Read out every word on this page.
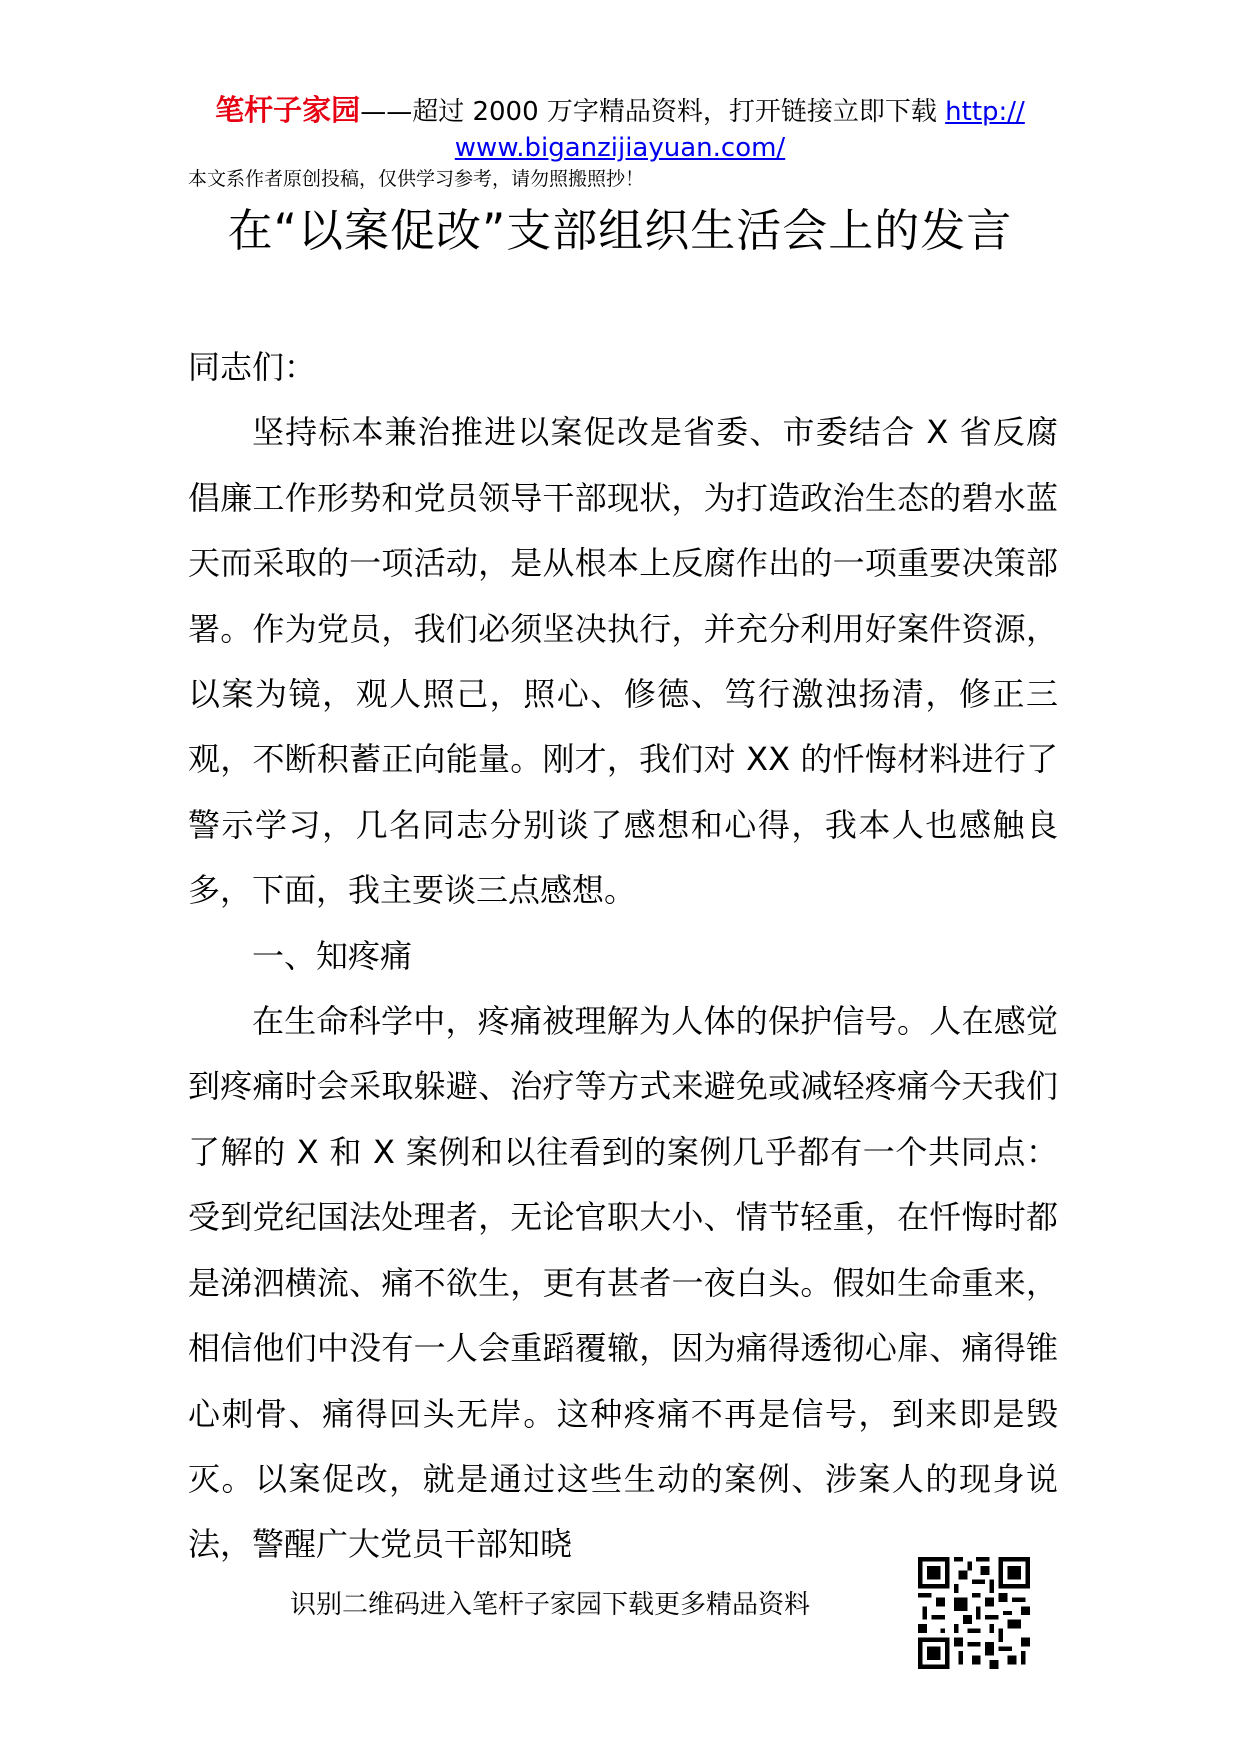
笔杆子家园——超过 2000 万字精品资料，打开链接立即下载 http://
www.biganzijiayuan.com/
本文系作者原创投稿，仅供学习参考，请勿照搬照抄！
在“以案促改”支部组织生活会上的发言

同志们：

坚持标本兼治推进以案促改是省委、市委结合 X 省反腐倡廉工作形势和党员领导干部现状，为打造政治生态的碧水蓝天而采取的一项活动，是从根本上反腐作出的一项重要决策部署。作为党员，我们必须坚决执行，并充分利用好案件资源，以案为镜，观人照己，照心、修德、笃行激浊扬清，修正三观，不断积蓄正向能量。刚才，我们对 XX 的忏悔材料进行了警示学习，几名同志分别谈了感想和心得，我本人也感触良多，下面，我主要谈三点感想。

一、知疼痛

在生命科学中，疼痛被理解为人体的保护信号。人在感觉到疼痛时会采取躲避、治疗等方式来避免或减轻疼痛今天我们了解的 X 和 X 案例和以往看到的案例几乎都有一个共同点：受到党纪国法处理者，无论官职大小、情节轻重，在忏悔时都是涕泗横流、痛不欲生，更有甚者一夜白头。假如生命重来，相信他们中没有一人会重蹈覆辙，因为痛得透彻心扉、痛得锥心刺骨、痛得回头无岸。这种疼痛不再是信号，到来即是毁灭。以案促改，就是通过这些生动的案例、涉案人的现身说法，警醒广大党员干部知晓

识别二维码进入笔杆子家园下载更多精品资料
